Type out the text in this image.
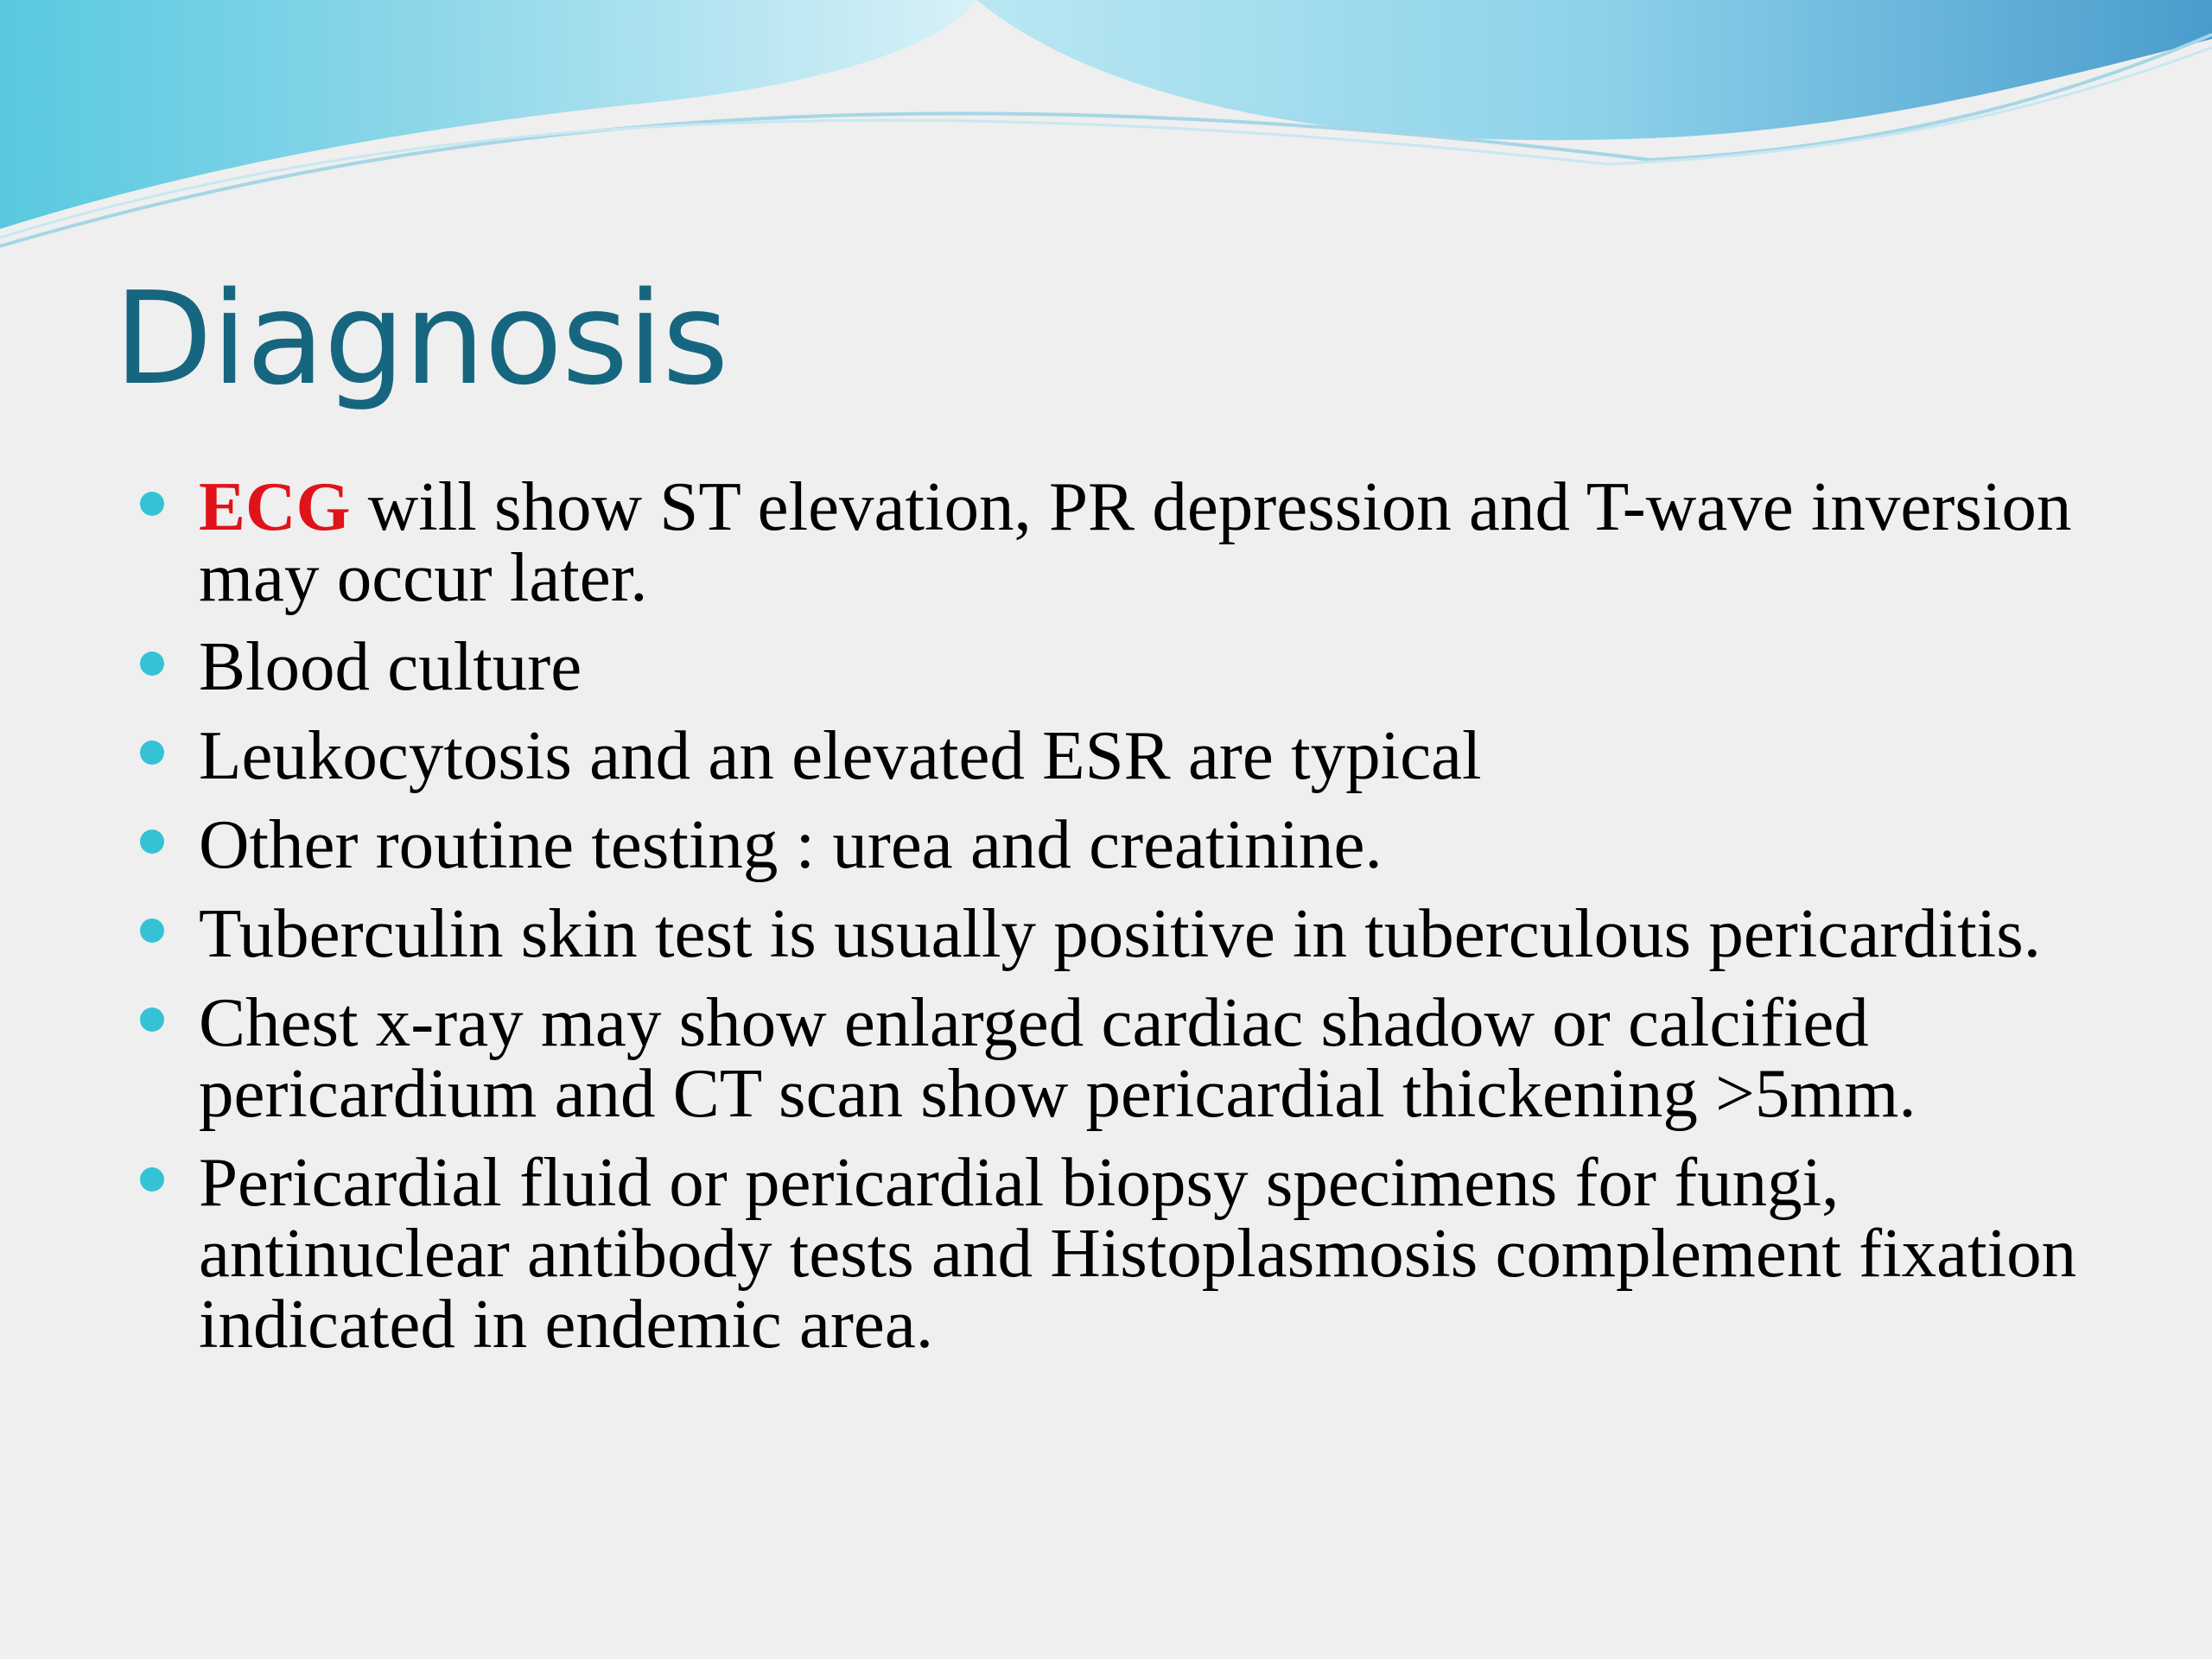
Diagnosis
ECG will show ST elevation, PR depression and T-wave inversion may occur later.
Blood culture
Leukocytosis and an elevated ESR are typical
Other routine testing : urea and creatinine.
Tuberculin skin test is usually positive in tuberculous pericarditis.
Chest x-ray may show enlarged cardiac shadow or calcified pericardium and CT scan show pericardial thickening >5mm.
Pericardial fluid or pericardial biopsy specimens for fungi, antinuclear antibody tests and Histoplasmosis complement fixation indicated in endemic area.
